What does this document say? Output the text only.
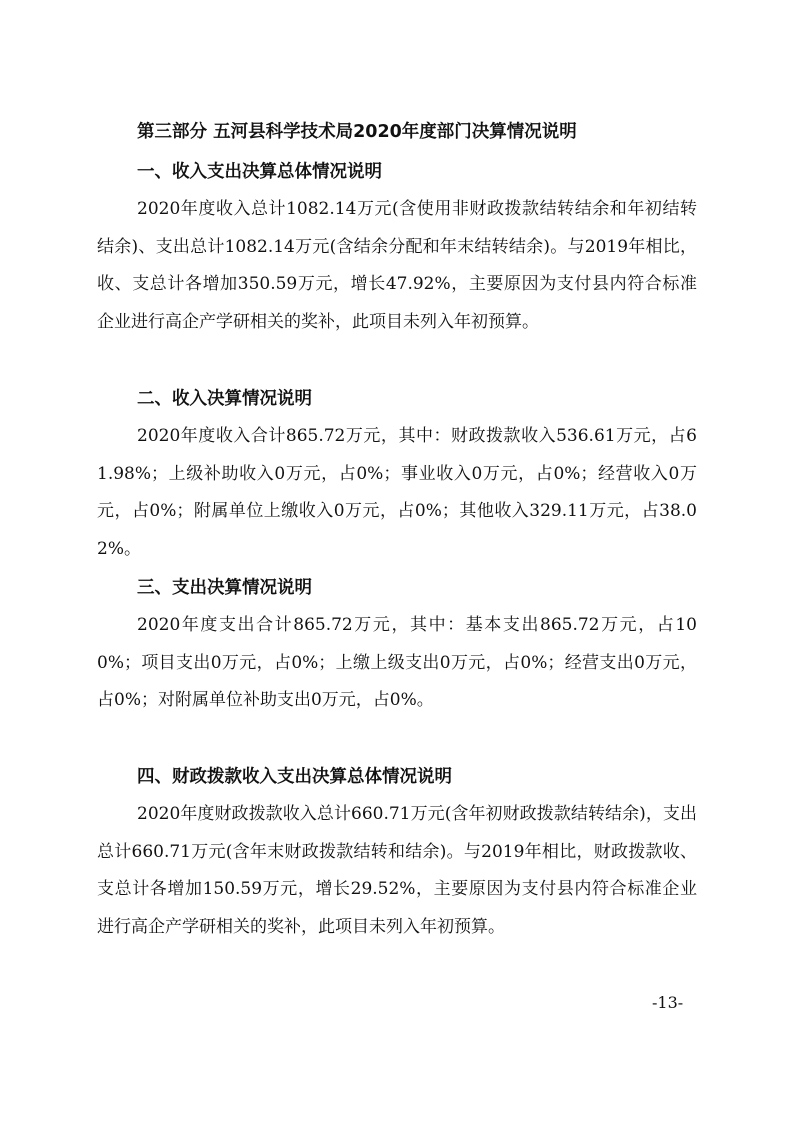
第三部分 五河县科学技术局2020年度部门决算情况说明
一、收入支出决算总体情况说明

2020年度收入总计1082.14万元(含使用非财政拨款结转结余和年初结转结余)、支出总计1082.14万元(含结余分配和年末结转结余)。与2019年相比，收、支总计各增加350.59万元，增长47.92%，主要原因为支付县内符合标准企业进行高企产学研相关的奖补，此项目未列入年初预算。

二、收入决算情况说明

2020年度收入合计865.72万元，其中：财政拨款收入536.61万元，占61.98%；上级补助收入0万元，占0%；事业收入0万元，占0%；经营收入0万元，占0%；附属单位上缴收入0万元，占0%；其他收入329.11万元，占38.02%。

三、支出决算情况说明

2020年度支出合计865.72万元，其中：基本支出865.72万元，占100%；项目支出0万元，占0%；上缴上级支出0万元，占0%；经营支出0万元，占0%；对附属单位补助支出0万元，占0%。

四、财政拨款收入支出决算总体情况说明

2020年度财政拨款收入总计660.71万元(含年初财政拨款结转结余)，支出总计660.71万元(含年末财政拨款结转和结余)。与2019年相比，财政拨款收、支总计各增加150.59万元，增长29.52%，主要原因为支付县内符合标准企业进行高企产学研相关的奖补，此项目未列入年初预算。

-13-
